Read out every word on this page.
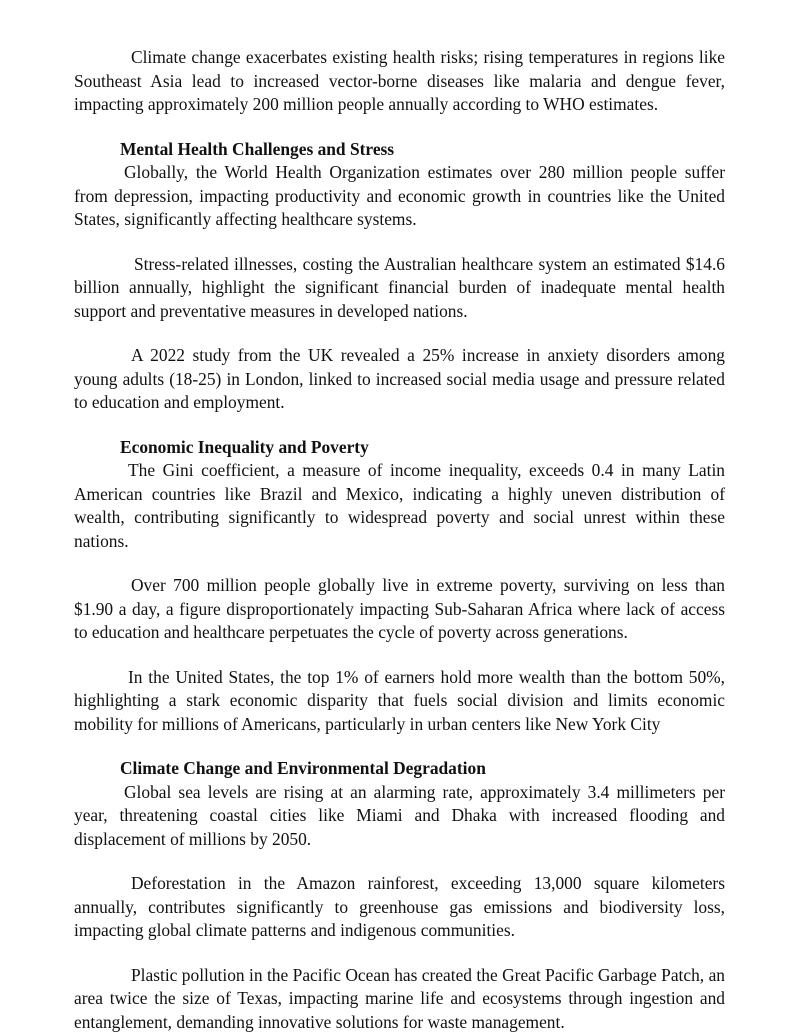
Climate change exacerbates existing health risks; rising temperatures in regions like Southeast Asia lead to increased vector-borne diseases like malaria and dengue fever, impacting approximately 200 million people annually according to WHO estimates.

Mental Health Challenges and Stress

Globally, the World Health Organization estimates over 280 million people suffer from depression, impacting productivity and economic growth in countries like the United States, significantly affecting healthcare systems.

Stress-related illnesses, costing the Australian healthcare system an estimated $14.6 billion annually, highlight the significant financial burden of inadequate mental health support and preventative measures in developed nations.

A 2022 study from the UK revealed a 25% increase in anxiety disorders among young adults (18-25) in London, linked to increased social media usage and pressure related to education and employment.

Economic Inequality and Poverty

The Gini coefficient, a measure of income inequality, exceeds 0.4 in many Latin American countries like Brazil and Mexico, indicating a highly uneven distribution of wealth, contributing significantly to widespread poverty and social unrest within these nations.

Over 700 million people globally live in extreme poverty, surviving on less than $1.90 a day, a figure disproportionately impacting Sub-Saharan Africa where lack of access to education and healthcare perpetuates the cycle of poverty across generations.

In the United States, the top 1% of earners hold more wealth than the bottom 50%, highlighting a stark economic disparity that fuels social division and limits economic mobility for millions of Americans, particularly in urban centers like New York City

Climate Change and Environmental Degradation

Global sea levels are rising at an alarming rate, approximately 3.4 millimeters per year, threatening coastal cities like Miami and Dhaka with increased flooding and displacement of millions by 2050.

Deforestation in the Amazon rainforest, exceeding 13,000 square kilometers annually, contributes significantly to greenhouse gas emissions and biodiversity loss, impacting global climate patterns and indigenous communities.

Plastic pollution in the Pacific Ocean has created the Great Pacific Garbage Patch, an area twice the size of Texas, impacting marine life and ecosystems through ingestion and entanglement, demanding innovative solutions for waste management.
